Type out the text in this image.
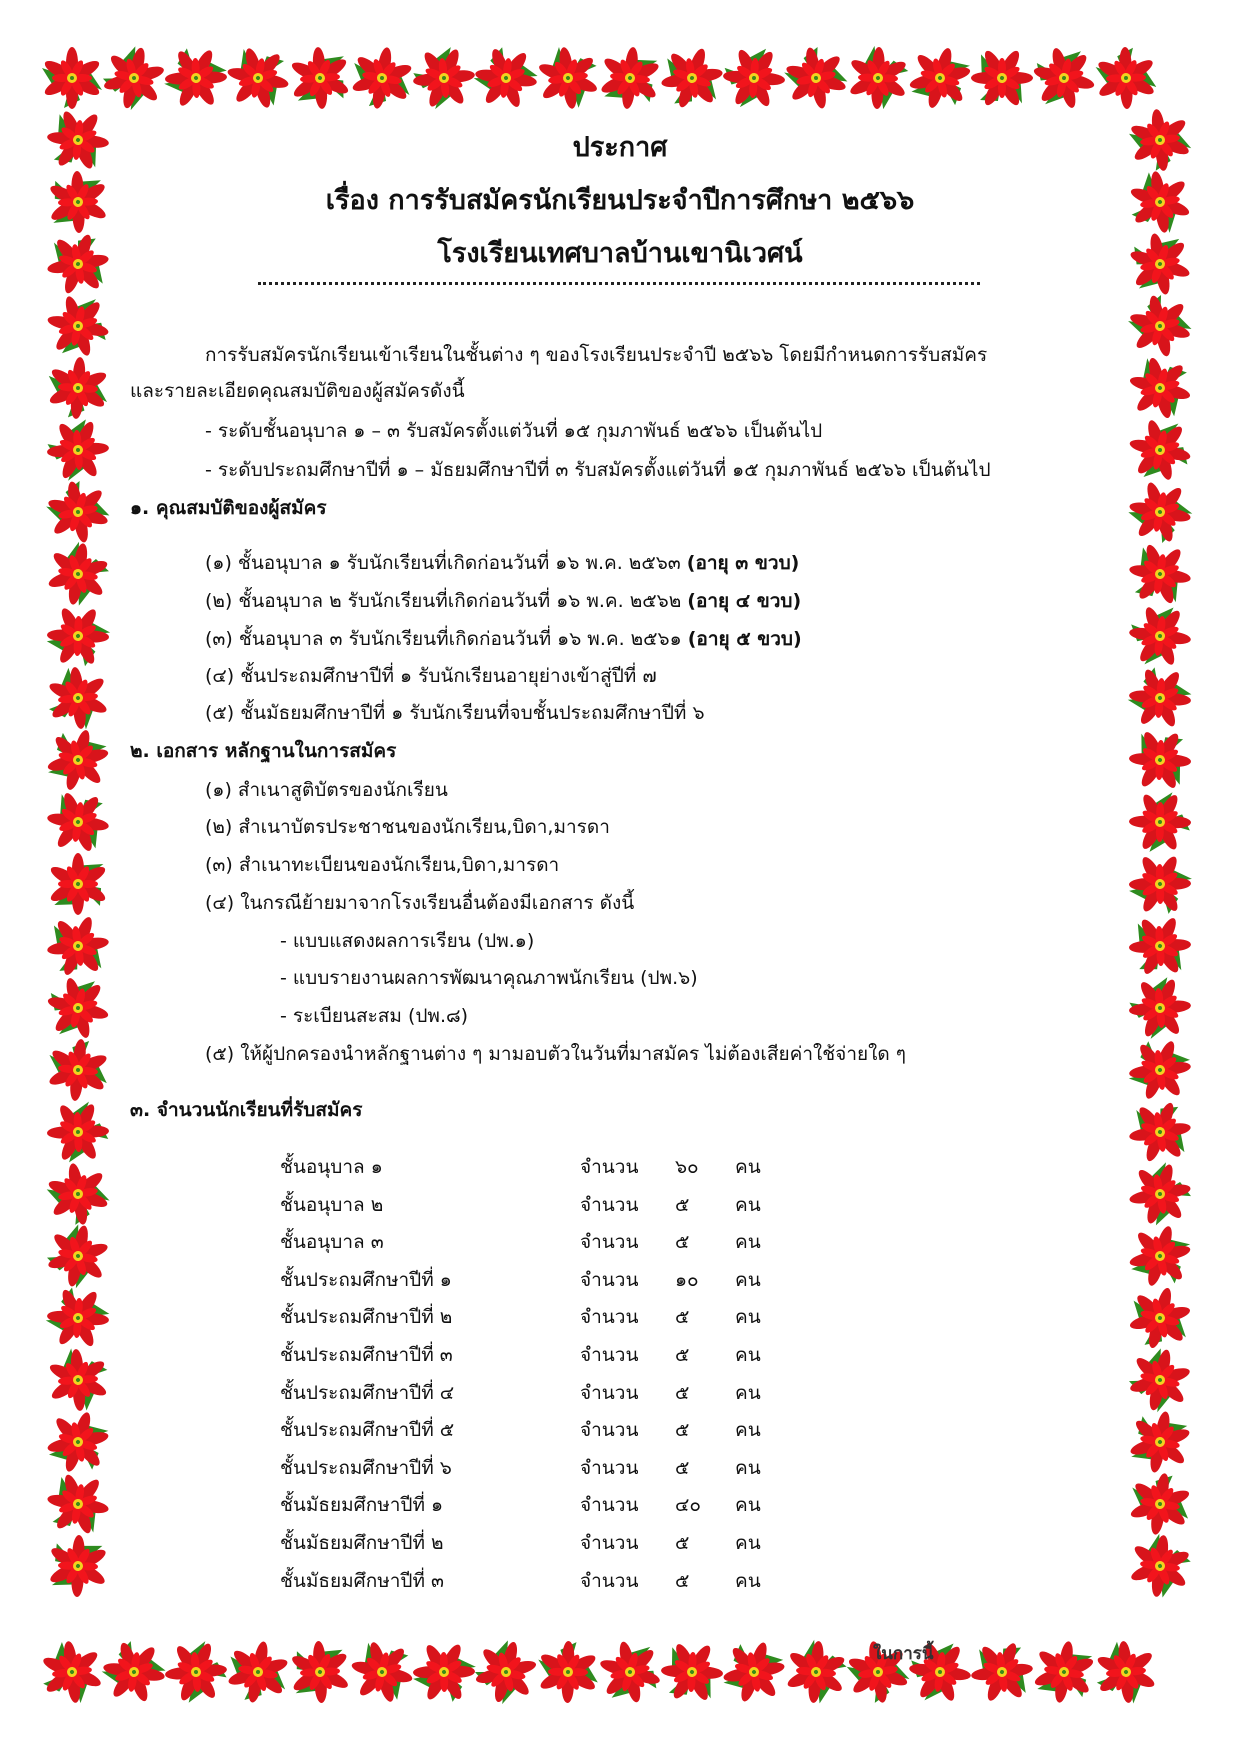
ประกาศ
เรื่อง การรับสมัครนักเรียนประจำปีการศึกษา ๒๕๖๖
โรงเรียนเทศบาลบ้านเขานิเวศน์
การรับสมัครนักเรียนเข้าเรียนในชั้นต่าง ๆ ของโรงเรียนประจำปี ๒๕๖๖ โดยมีกำหนดการรับสมัคร
และรายละเอียดคุณสมบัติของผู้สมัครดังนี้
- ระดับชั้นอนุบาล ๑ – ๓ รับสมัครตั้งแต่วันที่ ๑๕ กุมภาพันธ์ ๒๕๖๖ เป็นต้นไป
- ระดับประถมศึกษาปีที่ ๑ – มัธยมศึกษาปีที่ ๓ รับสมัครตั้งแต่วันที่ ๑๕ กุมภาพันธ์ ๒๕๖๖ เป็นต้นไป
๑. คุณสมบัติของผู้สมัคร
(๑) ชั้นอนุบาล ๑ รับนักเรียนที่เกิดก่อนวันที่ ๑๖ พ.ค. ๒๕๖๓ (อายุ ๓ ขวบ)
(๒) ชั้นอนุบาล ๒ รับนักเรียนที่เกิดก่อนวันที่ ๑๖ พ.ค. ๒๕๖๒ (อายุ ๔ ขวบ)
(๓) ชั้นอนุบาล ๓ รับนักเรียนที่เกิดก่อนวันที่ ๑๖ พ.ค. ๒๕๖๑ (อายุ ๕ ขวบ)
(๔) ชั้นประถมศึกษาปีที่ ๑ รับนักเรียนอายุย่างเข้าสู่ปีที่ ๗
(๕) ชั้นมัธยมศึกษาปีที่ ๑ รับนักเรียนที่จบชั้นประถมศึกษาปีที่ ๖
๒. เอกสาร หลักฐานในการสมัคร
(๑) สำเนาสูติบัตรของนักเรียน
(๒) สำเนาบัตรประชาชนของนักเรียน,บิดา,มารดา
(๓) สำเนาทะเบียนของนักเรียน,บิดา,มารดา
(๔) ในกรณีย้ายมาจากโรงเรียนอื่นต้องมีเอกสาร ดังนี้
- แบบแสดงผลการเรียน (ปพ.๑)
- แบบรายงานผลการพัฒนาคุณภาพนักเรียน (ปพ.๖)
- ระเบียนสะสม (ปพ.๘)
(๕) ให้ผู้ปกครองนำหลักฐานต่าง ๆ มามอบตัวในวันที่มาสมัคร ไม่ต้องเสียค่าใช้จ่ายใด ๆ
๓. จำนวนนักเรียนที่รับสมัคร
ชั้นอนุบาล ๑	จำนวน ๖๐ คน
ชั้นอนุบาล ๒	จำนวน ๕ คน
ชั้นอนุบาล ๓	จำนวน ๕ คน
ชั้นประถมศึกษาปีที่ ๑	จำนวน ๑๐ คน
ชั้นประถมศึกษาปีที่ ๒	จำนวน ๕ คน
ชั้นประถมศึกษาปีที่ ๓	จำนวน ๕ คน
ชั้นประถมศึกษาปีที่ ๔	จำนวน ๕ คน
ชั้นประถมศึกษาปีที่ ๕	จำนวน ๕ คน
ชั้นประถมศึกษาปีที่ ๖	จำนวน ๕ คน
ชั้นมัธยมศึกษาปีที่ ๑	จำนวน ๔๐ คน
ชั้นมัธยมศึกษาปีที่ ๒	จำนวน ๕ คน
ชั้นมัธยมศึกษาปีที่ ๓	จำนวน ๕ คน
ในการนี้
